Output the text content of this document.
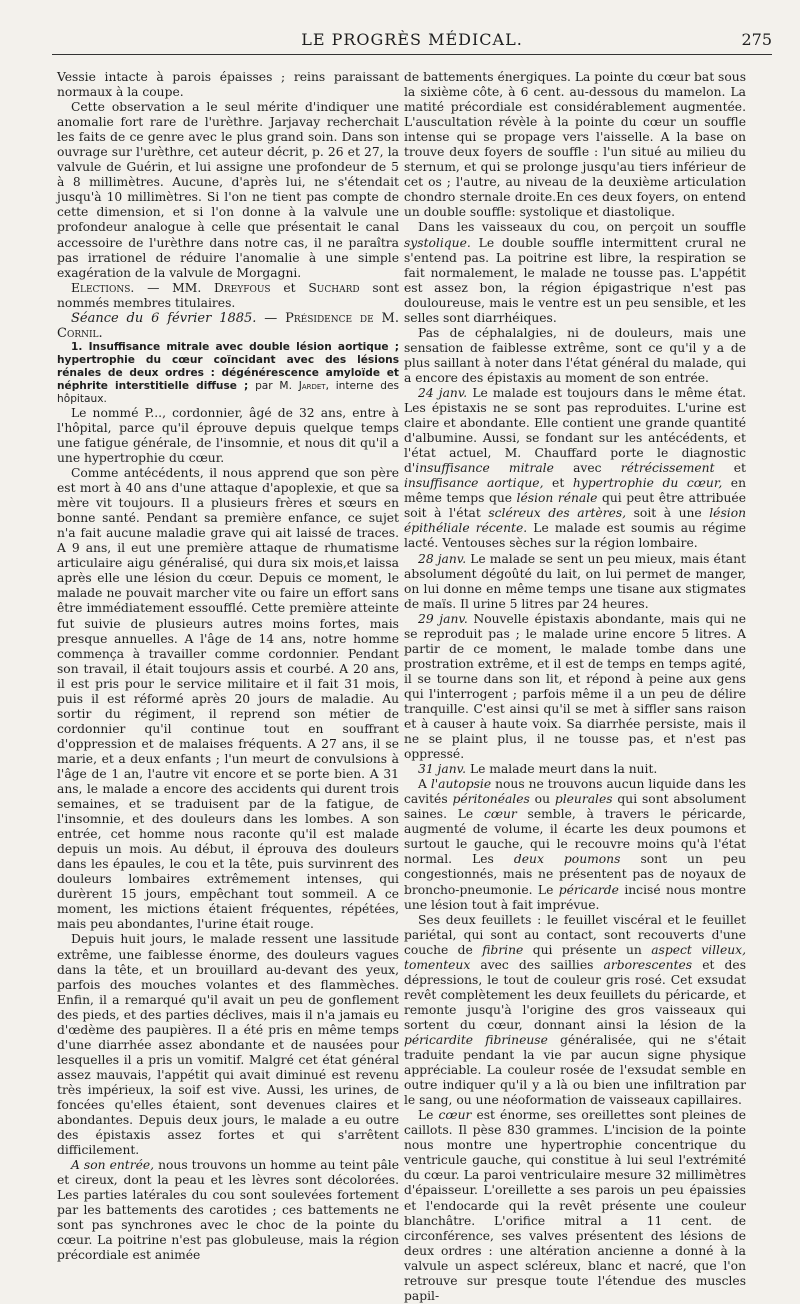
LE PROGRÈS MÉDICAL.	275

Vessie intacte à parois épaisses ; reins paraissant normaux à la coupe.

Cette observation a le seul mérite d'indiquer une anomalie fort rare de l'urèthre. Jarjavay recherchait les faits de ce genre avec le plus grand soin. Dans son ouvrage sur l'urèthre, cet auteur décrit, p. 26 et 27, la valvule de Guérin, et lui assigne une profondeur de 5 à 8 millimètres. Aucune, d'après lui, ne s'étendait jusqu'à 10 millimètres. Si l'on ne tient pas compte de cette dimension, et si l'on donne à la valvule une profondeur analogue à celle que présentait le canal accessoire de l'urèthre dans notre cas, il ne paraîtra pas irrationel de réduire l'anomalie à une simple exagération de la valvule de Morgagni.

Elections. — MM. Dreyfous et Suchard sont nommés membres titulaires.

Séance du 6 février 1885. — Présidence de M. Cornil.

1. Insuffisance mitrale avec double lésion aortique ; hypertrophie du cœur coïncidant avec des lésions rénales de deux ordres : dégénérescence amyloïde et néphrite interstitielle diffuse ; par M. Jardet, interne des hôpitaux.

Le nommé P..., cordonnier, âgé de 32 ans, entre à l'hôpital, parce qu'il éprouve depuis quelque temps une fatigue générale, de l'insomnie, et nous dit qu'il a une hypertrophie du cœur.

Comme antécédents, il nous apprend que son père est mort à 40 ans d'une attaque d'apoplexie, et que sa mère vit toujours. Il a plusieurs frères et sœurs en bonne santé. Pendant sa première enfance, ce sujet n'a fait aucune maladie grave qui ait laissé de traces. A 9 ans, il eut une première attaque de rhumatisme articulaire aigu généralisé, qui dura six mois,et laissa après elle une lésion du cœur. Depuis ce moment, le malade ne pouvait marcher vite ou faire un effort sans être immédiatement essoufflé. Cette première atteinte fut suivie de plusieurs autres moins fortes, mais presque annuelles. A l'âge de 14 ans, notre homme commença à travailler comme cordonnier. Pendant son travail, il était toujours assis et courbé. A 20 ans, il est pris pour le service militaire et il fait 31 mois, puis il est réformé après 20 jours de maladie. Au sortir du régiment, il reprend son métier de cordonnier qu'il continue tout en souffrant d'oppression et de malaises fréquents. A 27 ans, il se marie, et a deux enfants ; l'un meurt de convulsions à l'âge de 1 an, l'autre vit encore et se porte bien. A 31 ans, le malade a encore des accidents qui durent trois semaines, et se traduisent par de la fatigue, de l'insomnie, et des douleurs dans les lombes. A son entrée, cet homme nous raconte qu'il est malade depuis un mois. Au début, il éprouva des douleurs dans les épaules, le cou et la tête, puis survinrent des douleurs lombaires extrêmement intenses, qui durèrent 15 jours, empêchant tout sommeil. A ce moment, les mictions étaient fréquentes, répétées, mais peu abondantes, l'urine était rouge.

Depuis huit jours, le malade ressent une lassitude extrême, une faiblesse énorme, des douleurs vagues dans la tête, et un brouillard au-devant des yeux, parfois des mouches volantes et des flammèches. Enfin, il a remarqué qu'il avait un peu de gonflement des pieds, et des parties déclives, mais il n'a jamais eu d'œdème des paupières. Il a été pris en même temps d'une diarrhée assez abondante et de nausées pour lesquelles il a pris un vomitif. Malgré cet état général assez mauvais, l'appétit qui avait diminué est revenu très impérieux, la soif est vive. Aussi, les urines, de foncées qu'elles étaient, sont devenues claires et abondantes. Depuis deux jours, le malade a eu outre des épistaxis assez fortes et qui s'arrêtent difficilement.

A son entrée, nous trouvons un homme au teint pâle et cireux, dont la peau et les lèvres sont décolorées. Les parties latérales du cou sont soulevées fortement par les battements des carotides ; ces battements ne sont pas synchrones avec le choc de la pointe du cœur. La poitrine n'est pas globuleuse, mais la région précordiale est animée

de battements énergiques. La pointe du cœur bat sous la sixième côte, à 6 cent. au-dessous du mamelon. La matité précordiale est considérablement augmentée. L'auscultation révèle à la pointe du cœur un souffle intense qui se propage vers l'aisselle. A la base on trouve deux foyers de souffle : l'un situé au milieu du sternum, et qui se prolonge jusqu'au tiers inférieur de cet os ; l'autre, au niveau de la deuxième articulation chondro sternale droite.En ces deux foyers, on entend un double souffle: systolique et diastolique.

Dans les vaisseaux du cou, on perçoit un souffle systolique. Le double souffle intermittent crural ne s'entend pas. La poitrine est libre, la respiration se fait normalement, le malade ne tousse pas. L'appétit est assez bon, la région épigastrique n'est pas douloureuse, mais le ventre est un peu sensible, et les selles sont diarrhéiques.

Pas de céphalalgies, ni de douleurs, mais une sensation de faiblesse extrême, sont ce qu'il y a de plus saillant à noter dans l'état général du malade, qui a encore des épistaxis au moment de son entrée.

24 janv. Le malade est toujours dans le même état. Les épistaxis ne se sont pas reproduites. L'urine est claire et abondante. Elle contient une grande quantité d'albumine. Aussi, se fondant sur les antécédents, et l'état actuel, M. Chauffard porte le diagnostic d'insuffisance mitrale avec rétrécissement et insuffisance aortique, et hypertrophie du cœur, en même temps que lésion rénale qui peut être attribuée soit à l'état scléreux des artères, soit à une lésion épithéliale récente. Le malade est soumis au régime lacté. Ventouses sèches sur la région lombaire.

28 janv. Le malade se sent un peu mieux, mais étant absolument dégoûté du lait, on lui permet de manger, on lui donne en même temps une tisane aux stigmates de maïs. Il urine 5 litres par 24 heures.

29 janv. Nouvelle épistaxis abondante, mais qui ne se reproduit pas ; le malade urine encore 5 litres. A partir de ce moment, le malade tombe dans une prostration extrême, et il est de temps en temps agité, il se tourne dans son lit, et répond à peine aux gens qui l'interrogent ; parfois même il a un peu de délire tranquille. C'est ainsi qu'il se met à siffler sans raison et à causer à haute voix. Sa diarrhée persiste, mais il ne se plaint plus, il ne tousse pas, et n'est pas oppressé.

31 janv. Le malade meurt dans la nuit.

A l'autopsie nous ne trouvons aucun liquide dans les cavités péritonéales ou pleurales qui sont absolument saines. Le cœur semble, à travers le péricarde, augmenté de volume, il écarte les deux poumons et surtout le gauche, qui le recouvre moins qu'à l'état normal. Les deux poumons sont un peu congestionnés, mais ne présentent pas de noyaux de broncho-pneumonie. Le péricarde incisé nous montre une lésion tout à fait imprévue.

Ses deux feuillets : le feuillet viscéral et le feuillet pariétal, qui sont au contact, sont recouverts d'une couche de fibrine qui présente un aspect villeux, tomenteux avec des saillies arborescentes et des dépressions, le tout de couleur gris rosé. Cet exsudat revêt complètement les deux feuillets du péricarde, et remonte jusqu'à l'origine des gros vaisseaux qui sortent du cœur, donnant ainsi la lésion de la péricardite fibrineuse généralisée, qui ne s'était traduite pendant la vie par aucun signe physique appréciable. La couleur rosée de l'exsudat semble en outre indiquer qu'il y a là ou bien une infiltration par le sang, ou une néoformation de vaisseaux capillaires.

Le cœur est énorme, ses oreillettes sont pleines de caillots. Il pèse 830 grammes. L'incision de la pointe nous montre une hypertrophie concentrique du ventricule gauche, qui constitue à lui seul l'extrémité du cœur. La paroi ventriculaire mesure 32 millimètres d'épaisseur. L'oreillette a ses parois un peu épaissies et l'endocarde qui la revêt présente une couleur blanchâtre. L'orifice mitral a 11 cent. de circonférence, ses valves présentent des lésions de deux ordres : une altération ancienne a donné à la valvule un aspect scléreux, blanc et nacré, que l'on retrouve sur presque toute l'étendue des muscles papil-
